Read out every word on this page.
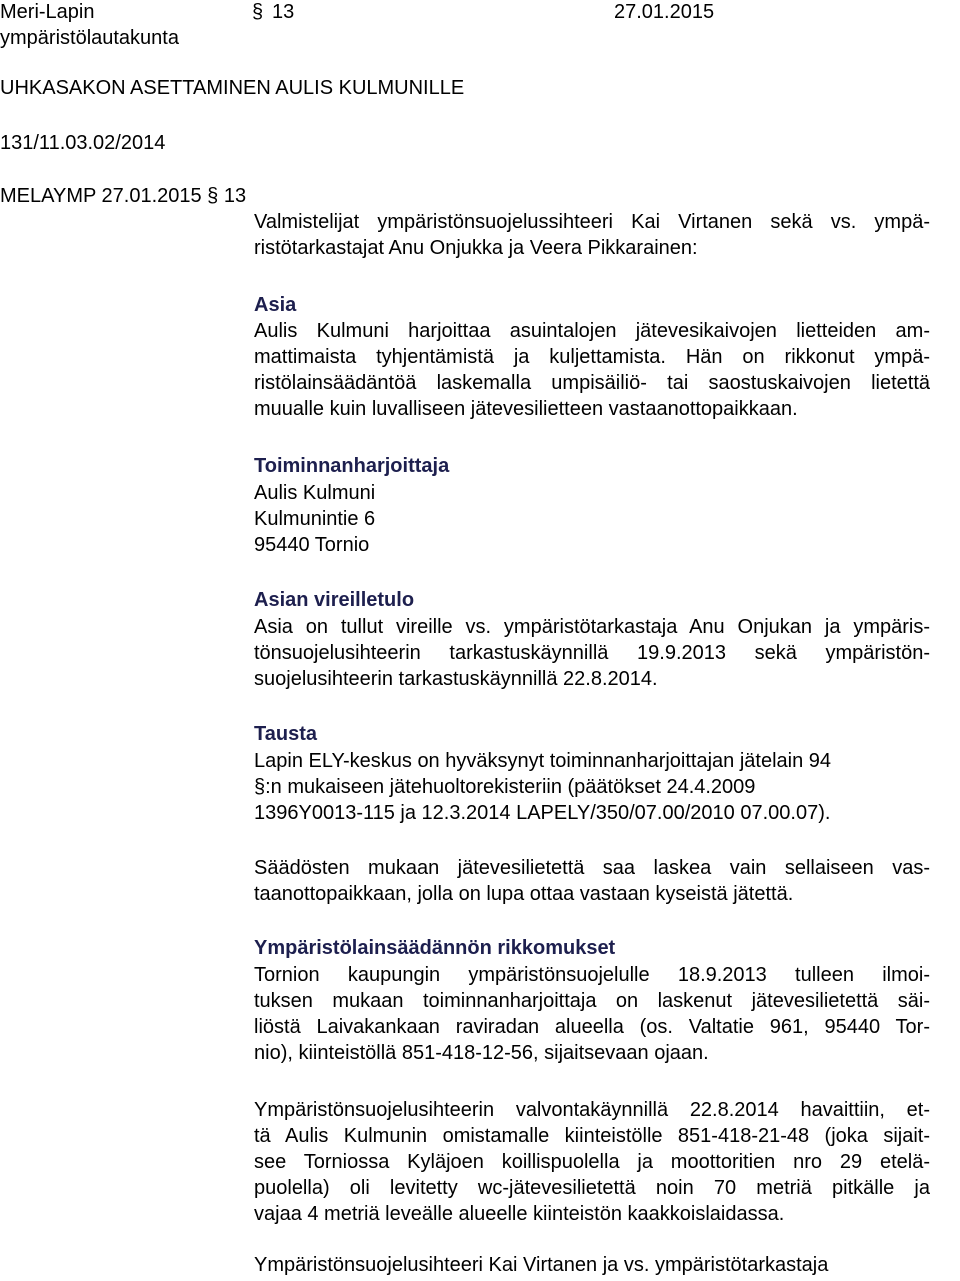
Meri-Lapin	§ 13	27.01.2015
ympäristölautakunta
UHKASAKON ASETTAMINEN AULIS KULMUNILLE
131/11.03.02/2014
MELAYMP 27.01.2015 § 13
Valmistelijat ympäristönsuojelussihteeri Kai Virtanen sekä vs. ympä-
ristötarkastajat Anu Onjukka ja Veera Pikkarainen:
Asia
Aulis Kulmuni harjoittaa asuintalojen jätevesikaivojen lietteiden am-
mattimaista tyhjentämistä ja kuljettamista. Hän on rikkonut ympä-
ristölainsäädäntöä laskemalla umpisäiliö- tai saostuskaivojen lietettä
muualle kuin luvalliseen jätevesilietteen vastaanottopaikkaan.
Toiminnanharjoittaja
Aulis Kulmuni
Kulmunintie 6
95440 Tornio
Asian vireilletulo
Asia on tullut vireille vs. ympäristötarkastaja Anu Onjukan ja ympäris-
tönsuojelusihteerin tarkastuskäynnillä 19.9.2013 sekä ympäristön-
suojelusihteerin tarkastuskäynnillä 22.8.2014.
Tausta
Lapin ELY-keskus on hyväksynyt toiminnanharjoittajan jätelain 94
§:n mukaiseen jätehuoltorekisteriin (päätökset 24.4.2009
1396Y0013-115 ja 12.3.2014 LAPELY/350/07.00/2010 07.00.07).
Säädösten mukaan jätevesilietettä saa laskea vain sellaiseen vas-
taanottopaikkaan, jolla on lupa ottaa vastaan kyseistä jätettä.
Ympäristölainsäädännön rikkomukset
Tornion kaupungin ympäristönsuojelulle 18.9.2013 tulleen ilmoi-
tuksen mukaan toiminnanharjoittaja on laskenut jätevesilietettä säi-
liöstä Laivakankaan raviradan alueella (os. Valtatie 961, 95440 Tor-
nio), kiinteistöllä 851-418-12-56, sijaitsevaan ojaan.
Ympäristönsuojelusihteerin valvontakäynnillä 22.8.2014 havaittiin, et-
tä Aulis Kulmunin omistamalle kiinteistölle 851-418-21-48 (joka sijait-
see Torniossa Kyläjoen koillispuolella ja moottoritien nro 29 etelä-
puolella) oli levitetty wc-jätevesilietettä noin 70 metriä pitkälle ja
vajaa 4 metriä leveälle alueelle kiinteistön kaakkoislaidassa.
Ympäristönsuojelusihteeri Kai Virtanen ja vs. ympäristötarkastaja
